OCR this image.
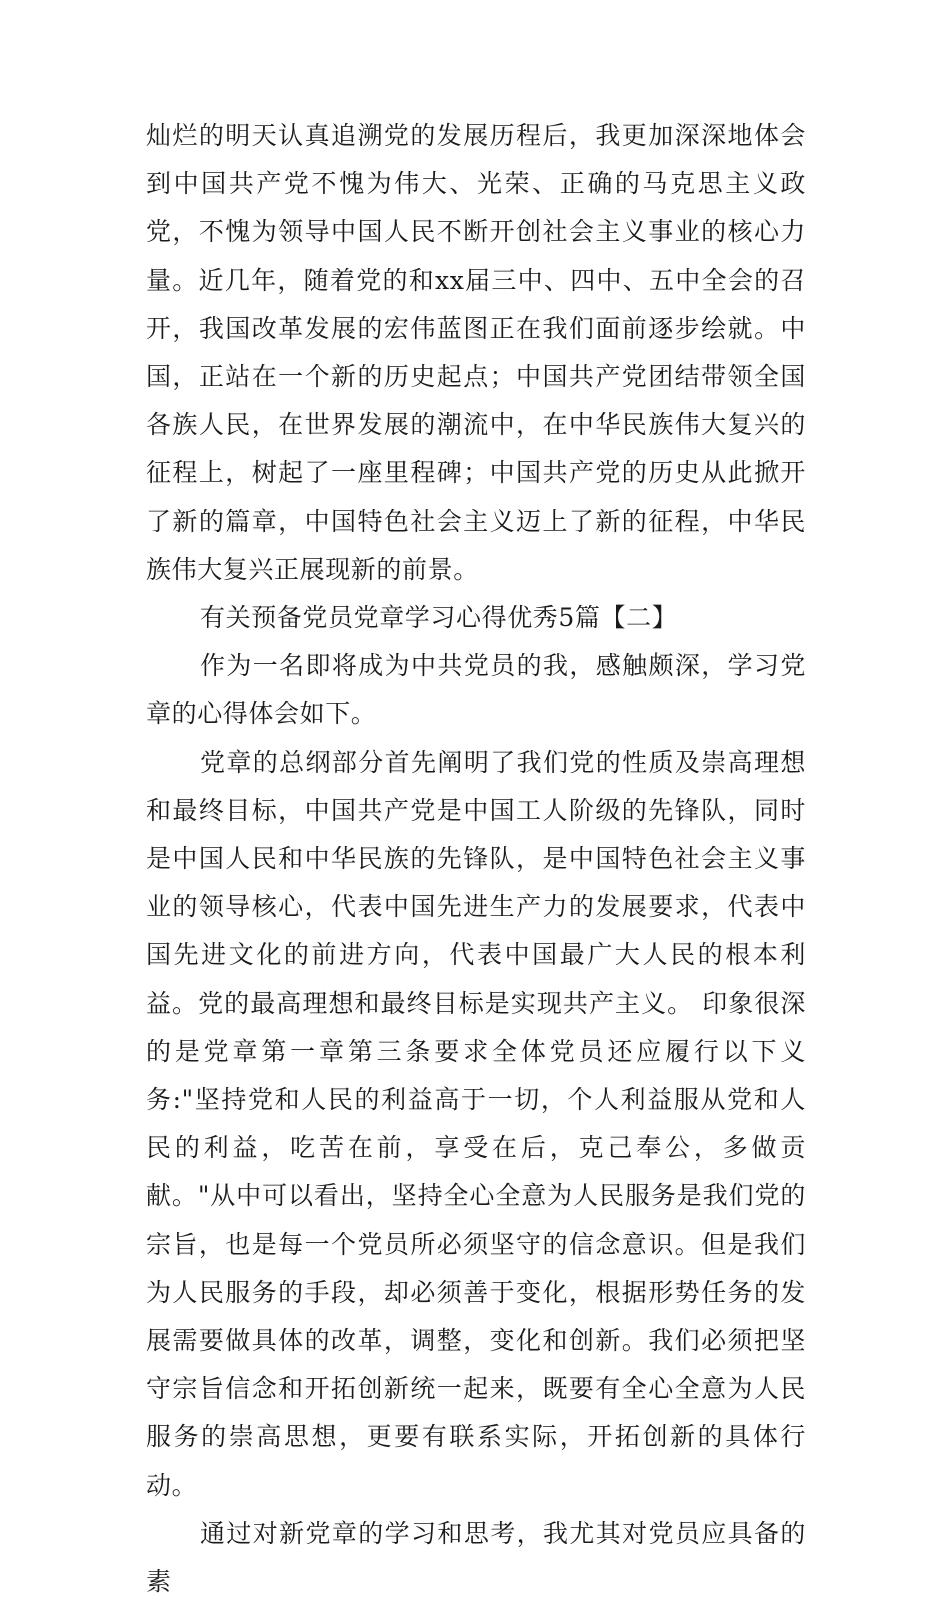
灿烂的明天认真追溯党的发展历程后，我更加深深地体会到中国共产党不愧为伟大、光荣、正确的马克思主义政党，不愧为领导中国人民不断开创社会主义事业的核心力量。近几年，随着党的和xx届三中、四中、五中全会的召开，我国改革发展的宏伟蓝图正在我们面前逐步绘就。中国，正站在一个新的历史起点；中国共产党团结带领全国各族人民，在世界发展的潮流中，在中华民族伟大复兴的征程上，树起了一座里程碑；中国共产党的历史从此掀开了新的篇章，中国特色社会主义迈上了新的征程，中华民族伟大复兴正展现新的前景。

有关预备党员党章学习心得优秀5篇【二】

作为一名即将成为中共党员的我，感触颇深，学习党章的心得体会如下。

党章的总纲部分首先阐明了我们党的性质及崇高理想和最终目标，中国共产党是中国工人阶级的先锋队，同时是中国人民和中华民族的先锋队，是中国特色社会主义事业的领导核心，代表中国先进生产力的发展要求，代表中国先进文化的前进方向，代表中国最广大人民的根本利益。党的最高理想和最终目标是实现共产主义。 印象很深的是党章第一章第三条要求全体党员还应履行以下义务:"坚持党和人民的利益高于一切，个人利益服从党和人民的利益，吃苦在前，享受在后，克己奉公，多做贡献。"从中可以看出，坚持全心全意为人民服务是我们党的宗旨，也是每一个党员所必须坚守的信念意识。但是我们为人民服务的手段，却必须善于变化，根据形势任务的发展需要做具体的改革，调整，变化和创新。我们必须把坚守宗旨信念和开拓创新统一起来，既要有全心全意为人民服务的崇高思想，更要有联系实际，开拓创新的具体行动。

通过对新党章的学习和思考，我尤其对党员应具备的素
